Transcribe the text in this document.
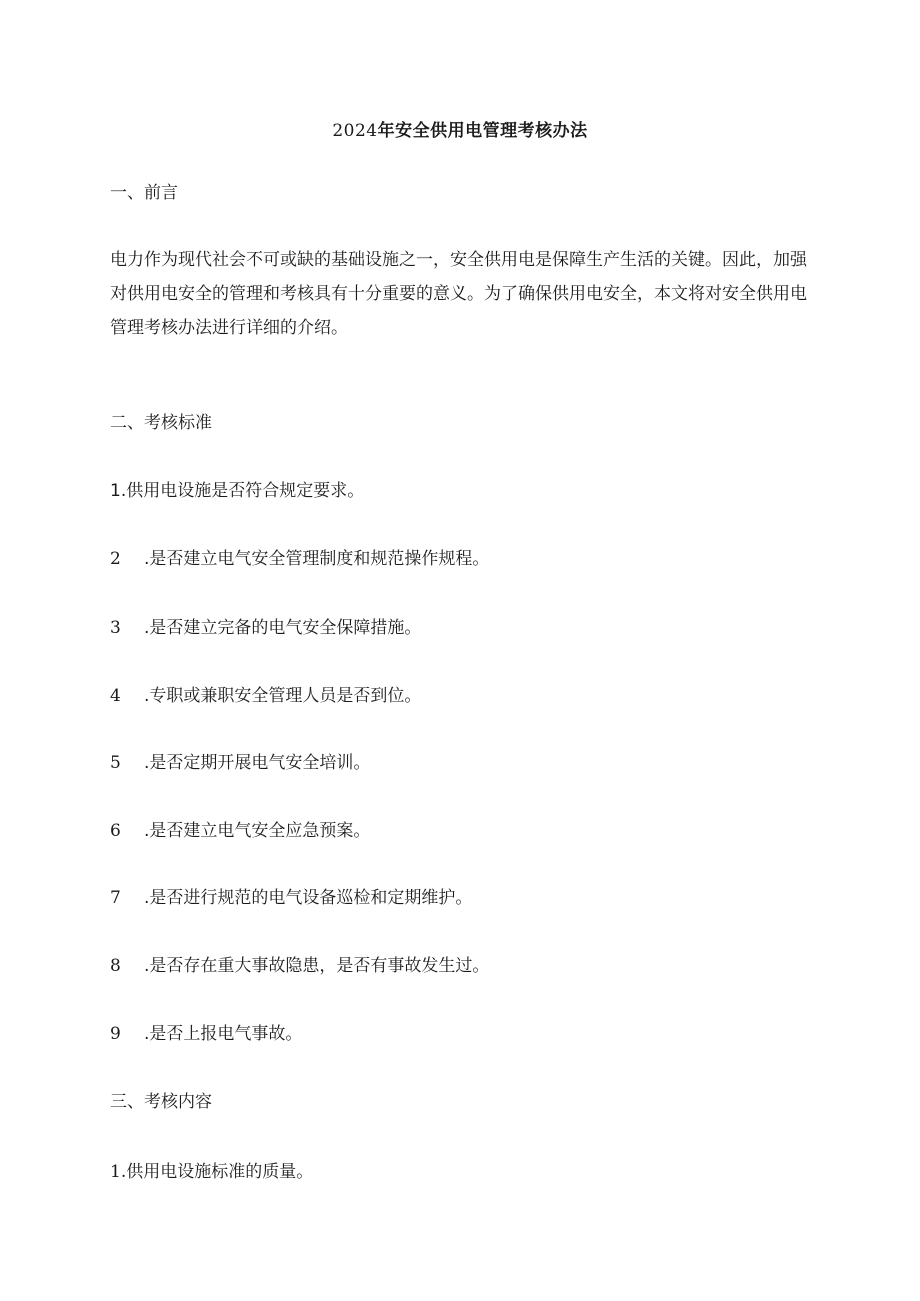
2024年安全供用电管理考核办法
一、前言
电力作为现代社会不可或缺的基础设施之一，安全供用电是保障生产生活的关键。因此，加强
对供用电安全的管理和考核具有十分重要的意义。为了确保供用电安全，本文将对安全供用电
管理考核办法进行详细的介绍。
二、考核标准
1.供用电设施是否符合规定要求。
2 .是否建立电气安全管理制度和规范操作规程。
3 .是否建立完备的电气安全保障措施。
4 .专职或兼职安全管理人员是否到位。
5 .是否定期开展电气安全培训。
6 .是否建立电气安全应急预案。
7 .是否进行规范的电气设备巡检和定期维护。
8 .是否存在重大事故隐患，是否有事故发生过。
9 .是否上报电气事故。
三、考核内容
1.供用电设施标准的质量。
